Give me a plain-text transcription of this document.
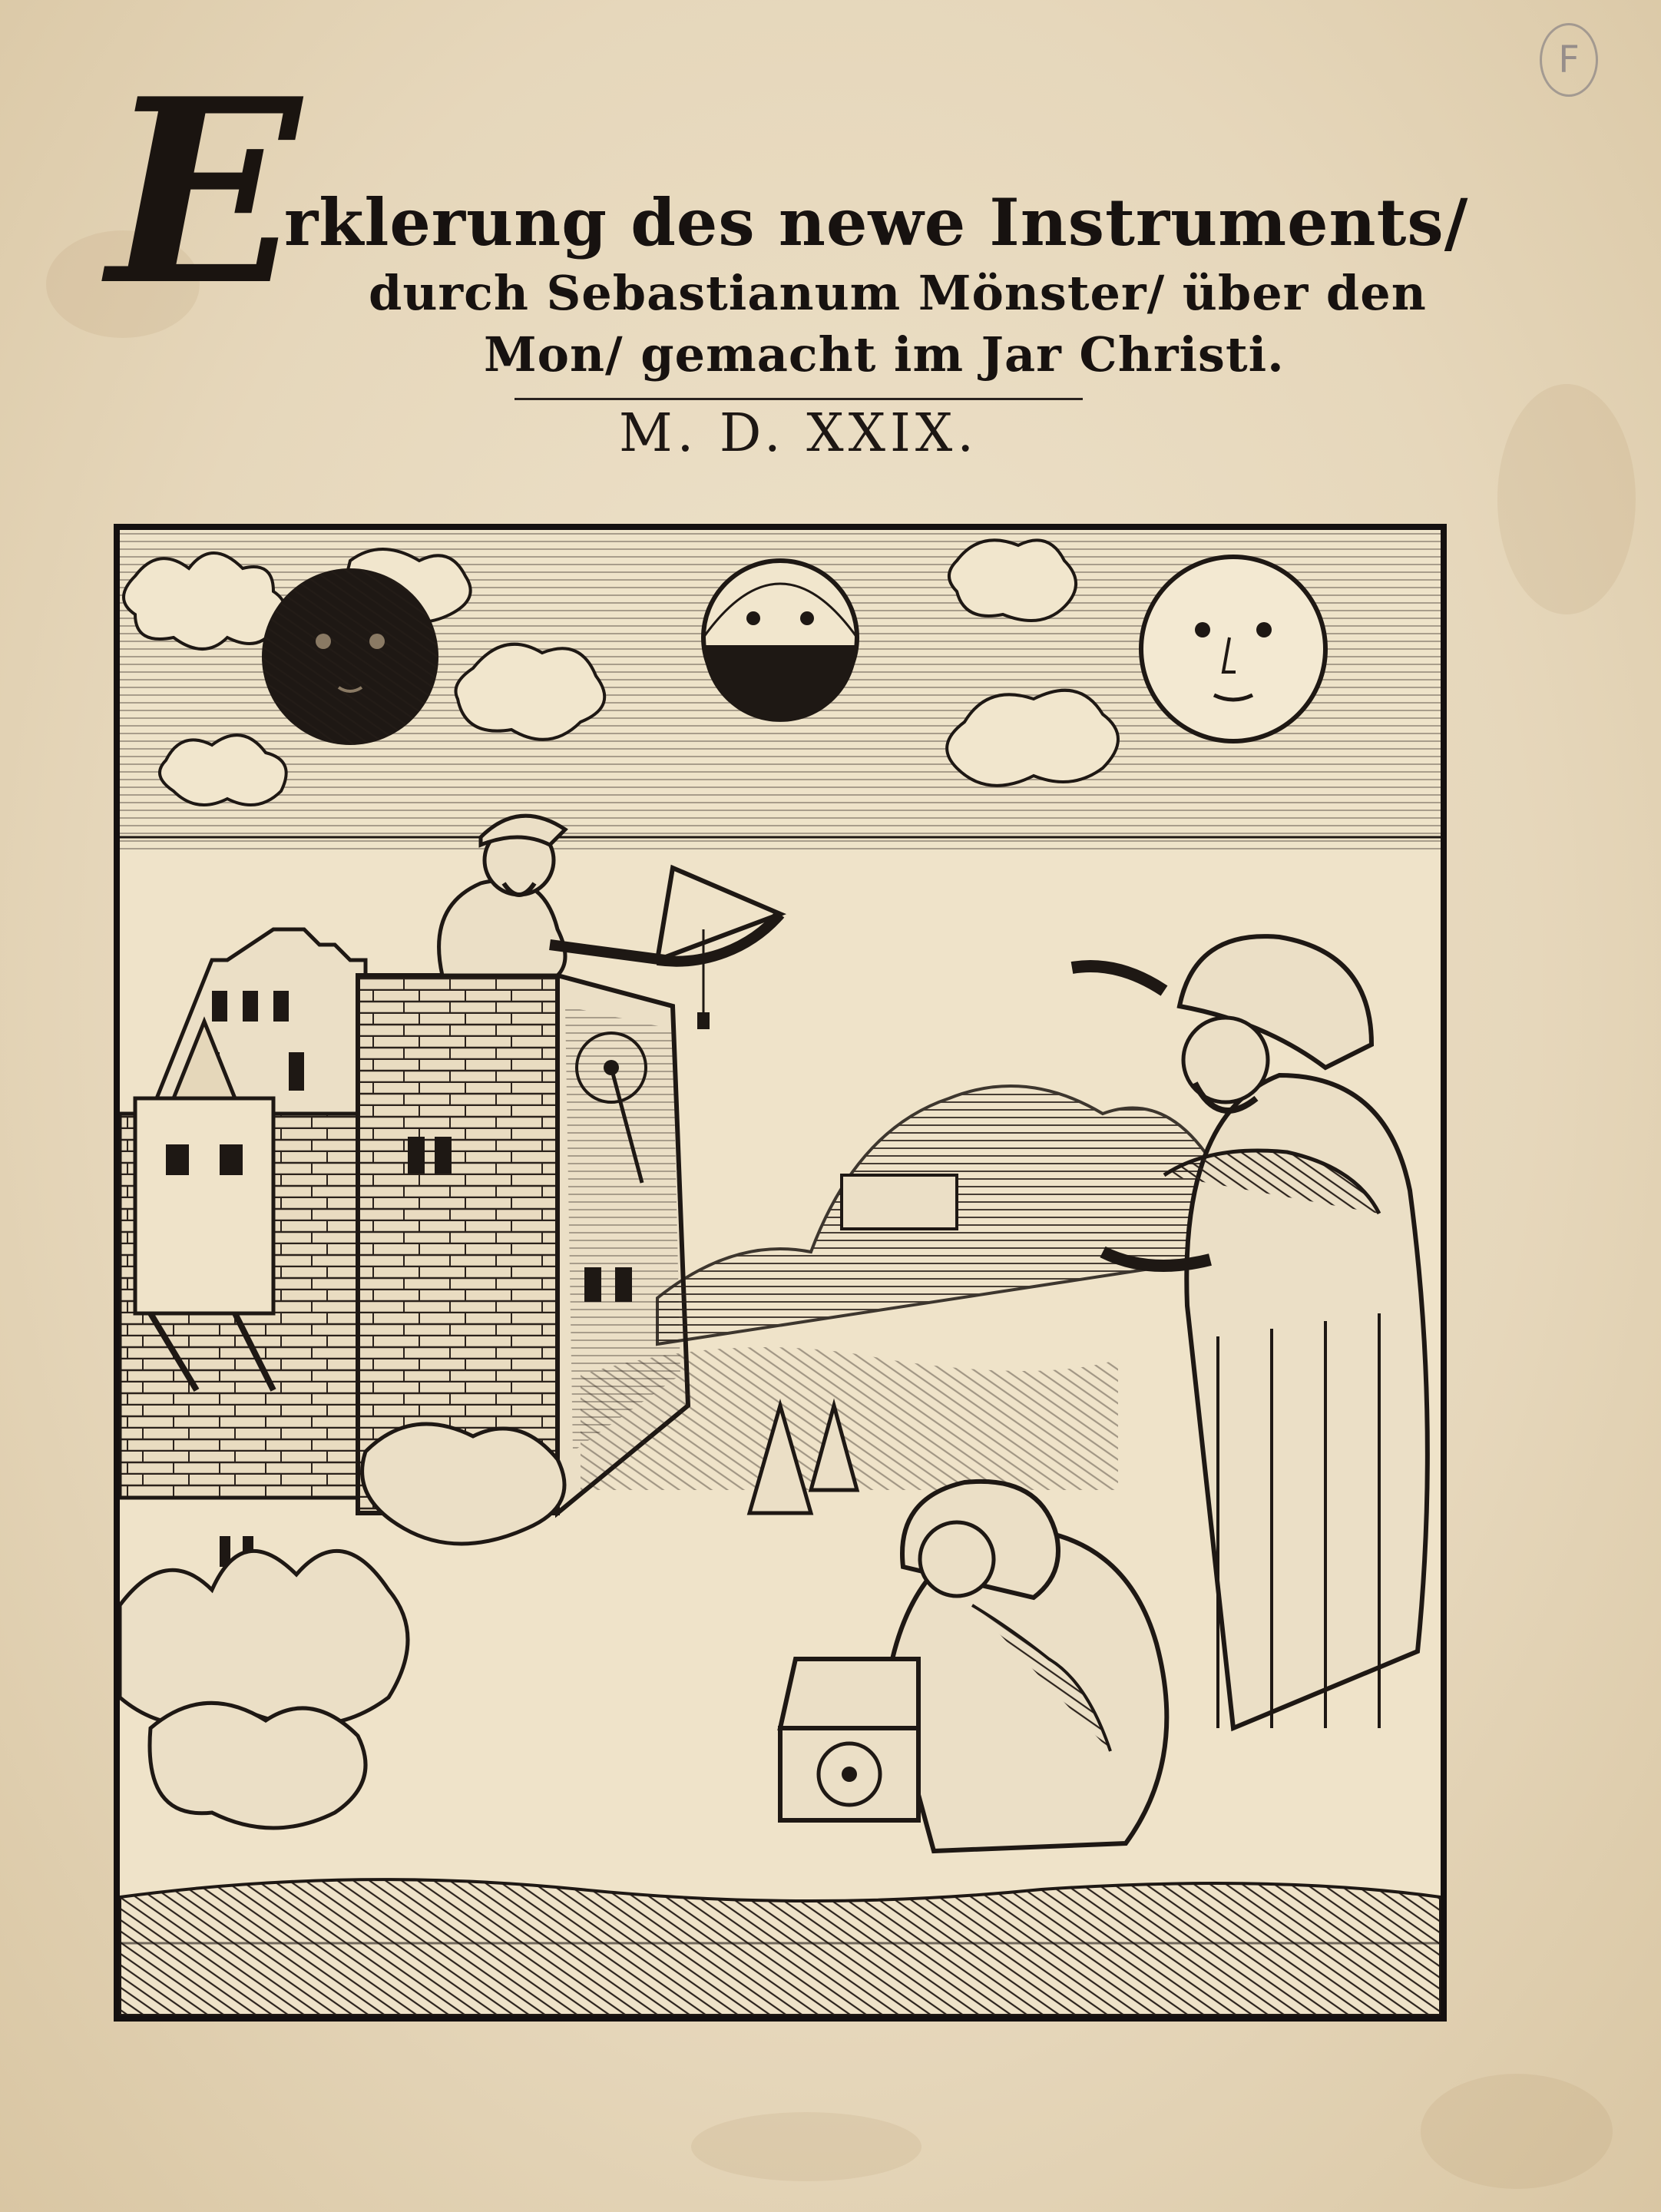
F
E
rklerung des newe Instruments/
durch Sebastianum Mönster/ über den
Mon/ gemacht im Jar Christi.
M. D. XXIX.
